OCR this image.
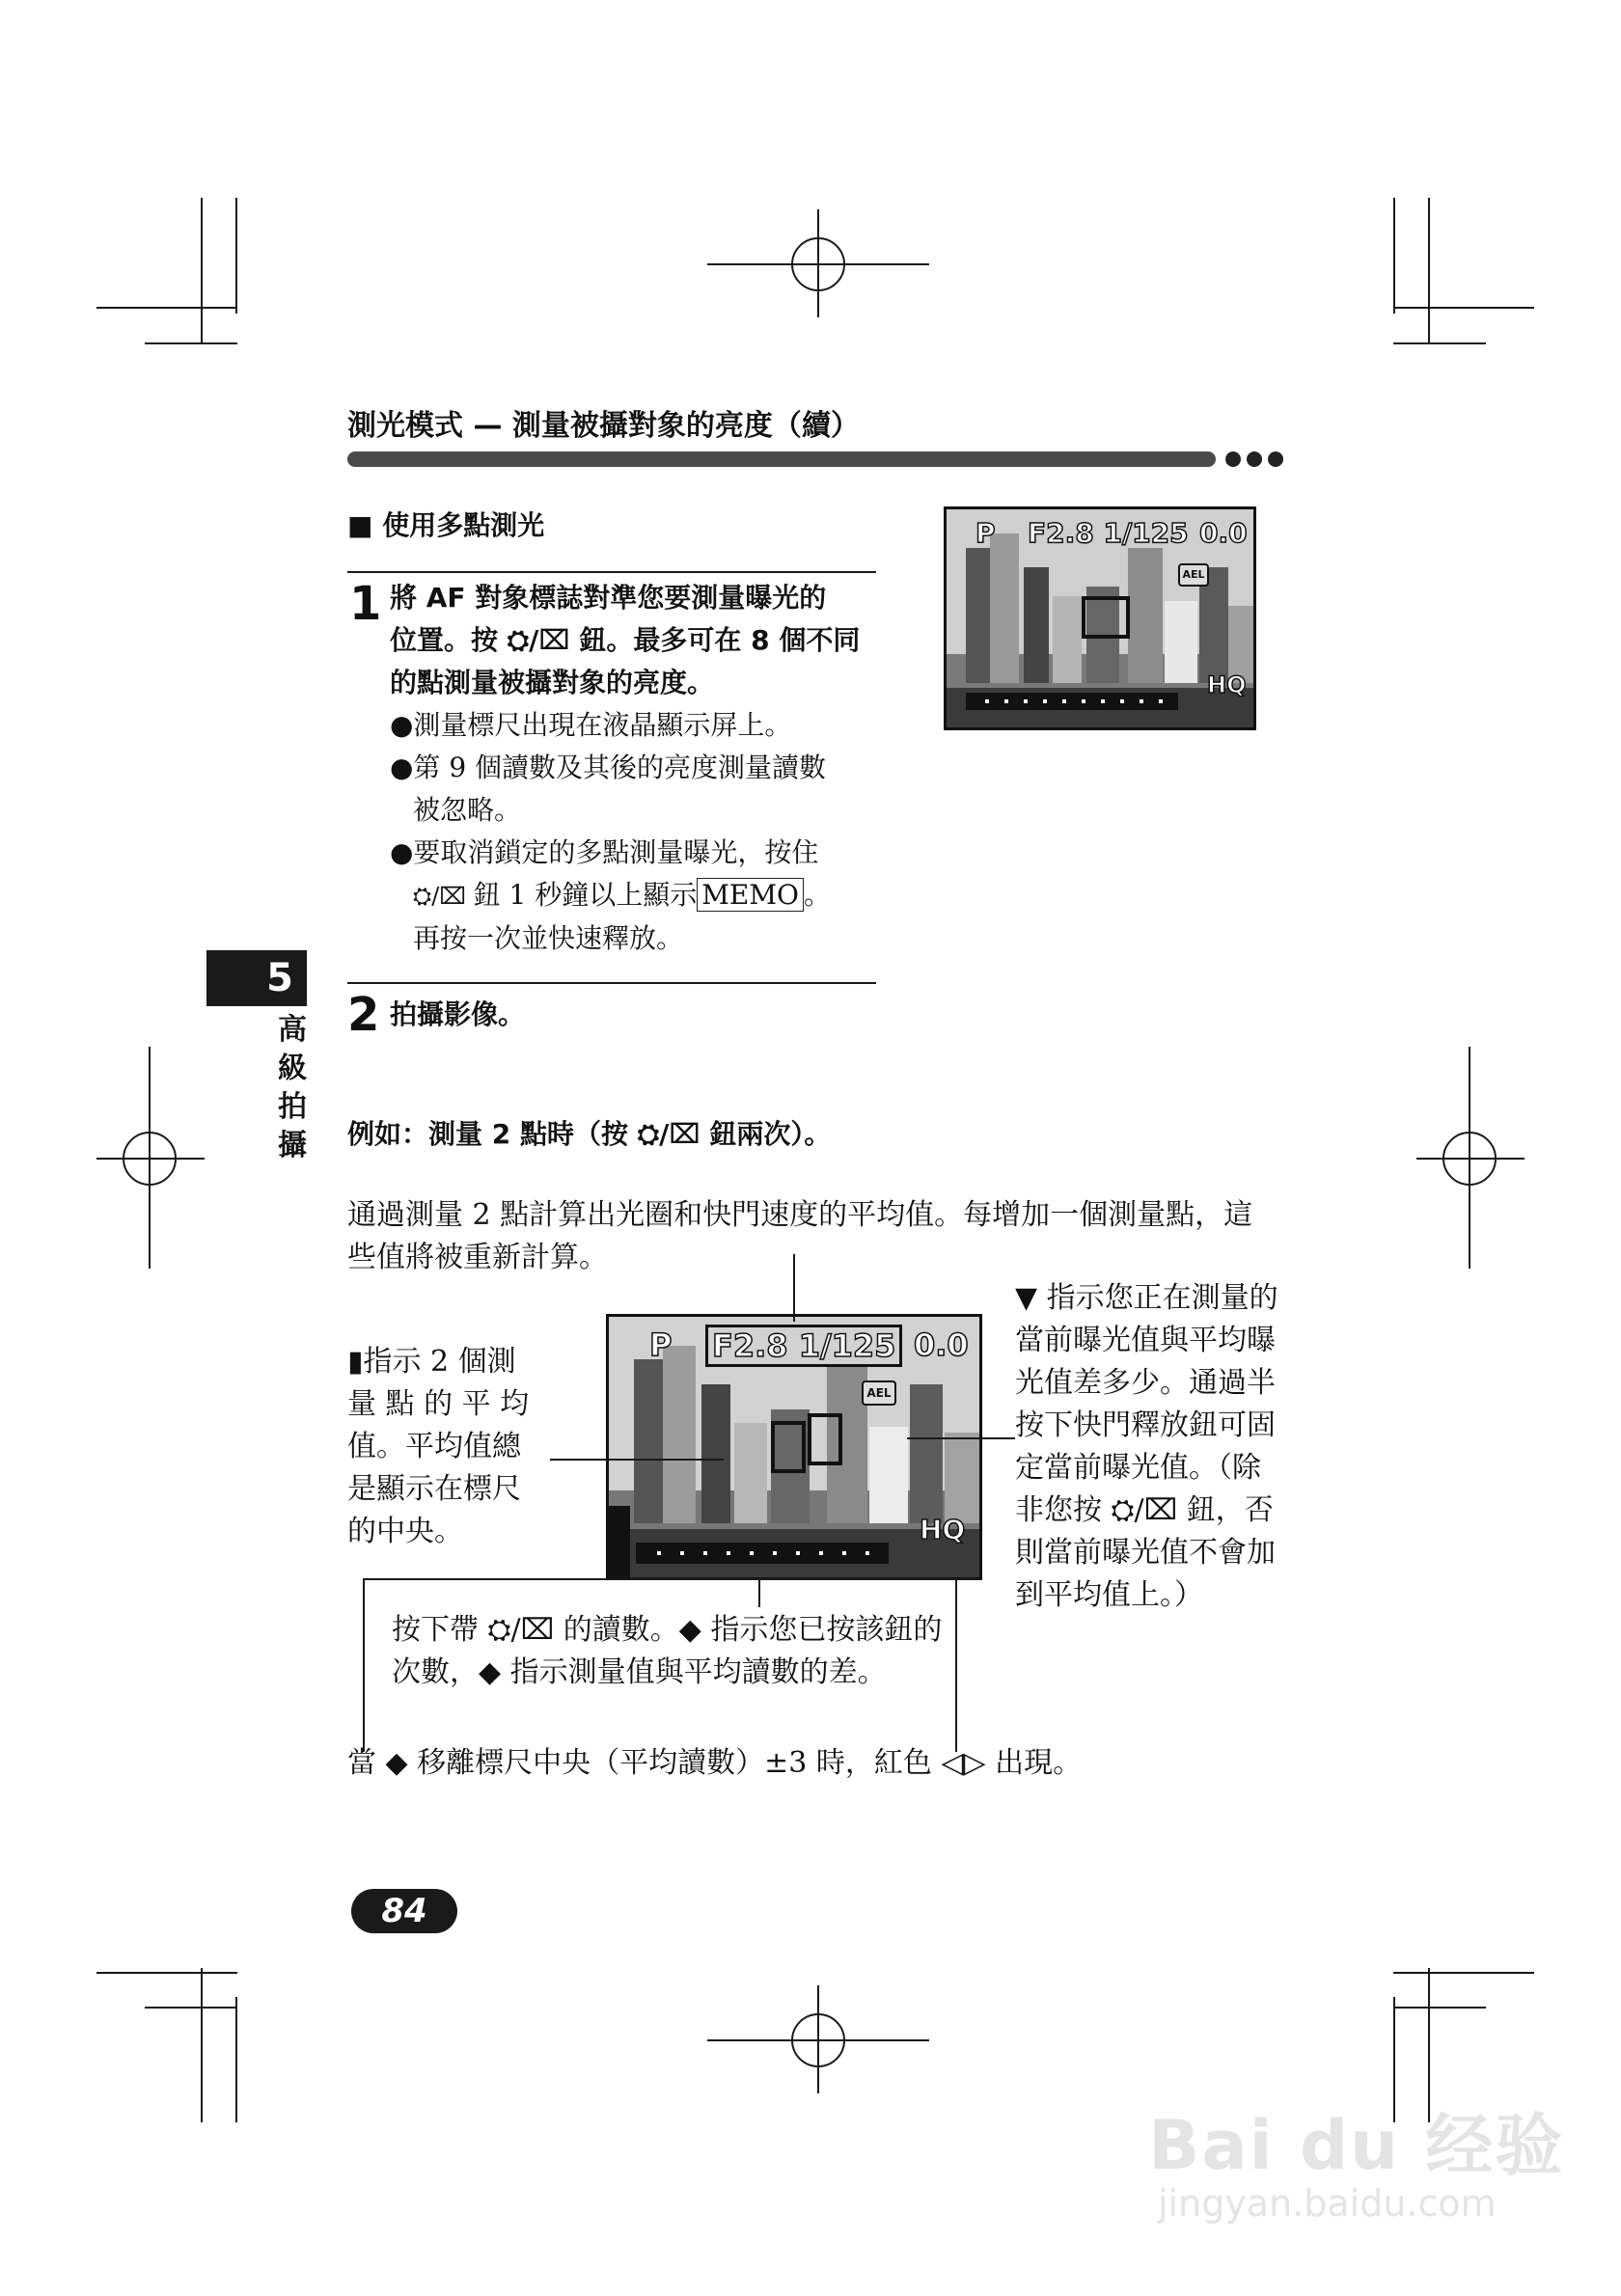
測光模式 — 測量被攝對象的亮度（續）
■ 使用多點測光
1 將 AF 對象標誌對準您要測量曝光的
位置。按 ⛭/⌧ 鈕。最多可在 8 個不同
的點測量被攝對象的亮度。
●測量標尺出現在液晶顯示屏上。
●第 9 個讀數及其後的亮度測量讀數
被忽略。
●要取消鎖定的多點測量曝光，按住
⛭/⌧ 鈕 1 秒鐘以上顯示 MEMO 。
再按一次並快速釋放。
2 拍攝影像。
P F2.8 1/125 0.0
AEL
HQ
例如：測量 2 點時（按 ⛭/⌧ 鈕兩次）。
通過測量 2 點計算出光圈和快門速度的平均值。每增加一個測量點，這
些值將被重新計算。
P F2.8 1/125 0.0
AEL
HQ
▮指示 2 個測
量 點 的 平 均
值。平均值總
是顯示在標尺
的中央。
▼ 指示您正在測量的
當前曝光值與平均曝
光值差多少。通過半
按下快門釋放鈕可固
定當前曝光值。（除
非您按 ⛭/⌧ 鈕，否
則當前曝光值不會加
到平均值上。）
按下帶 ⛭/⌧ 的讀數。◆ 指示您已按該鈕的
次數，◆ 指示測量值與平均讀數的差。
當 ◆ 移離標尺中央（平均讀數）±3 時，紅色 ◁▷ 出現。
5
高
級
拍
攝
84
Bai du 经验
jingyan.baidu.com
